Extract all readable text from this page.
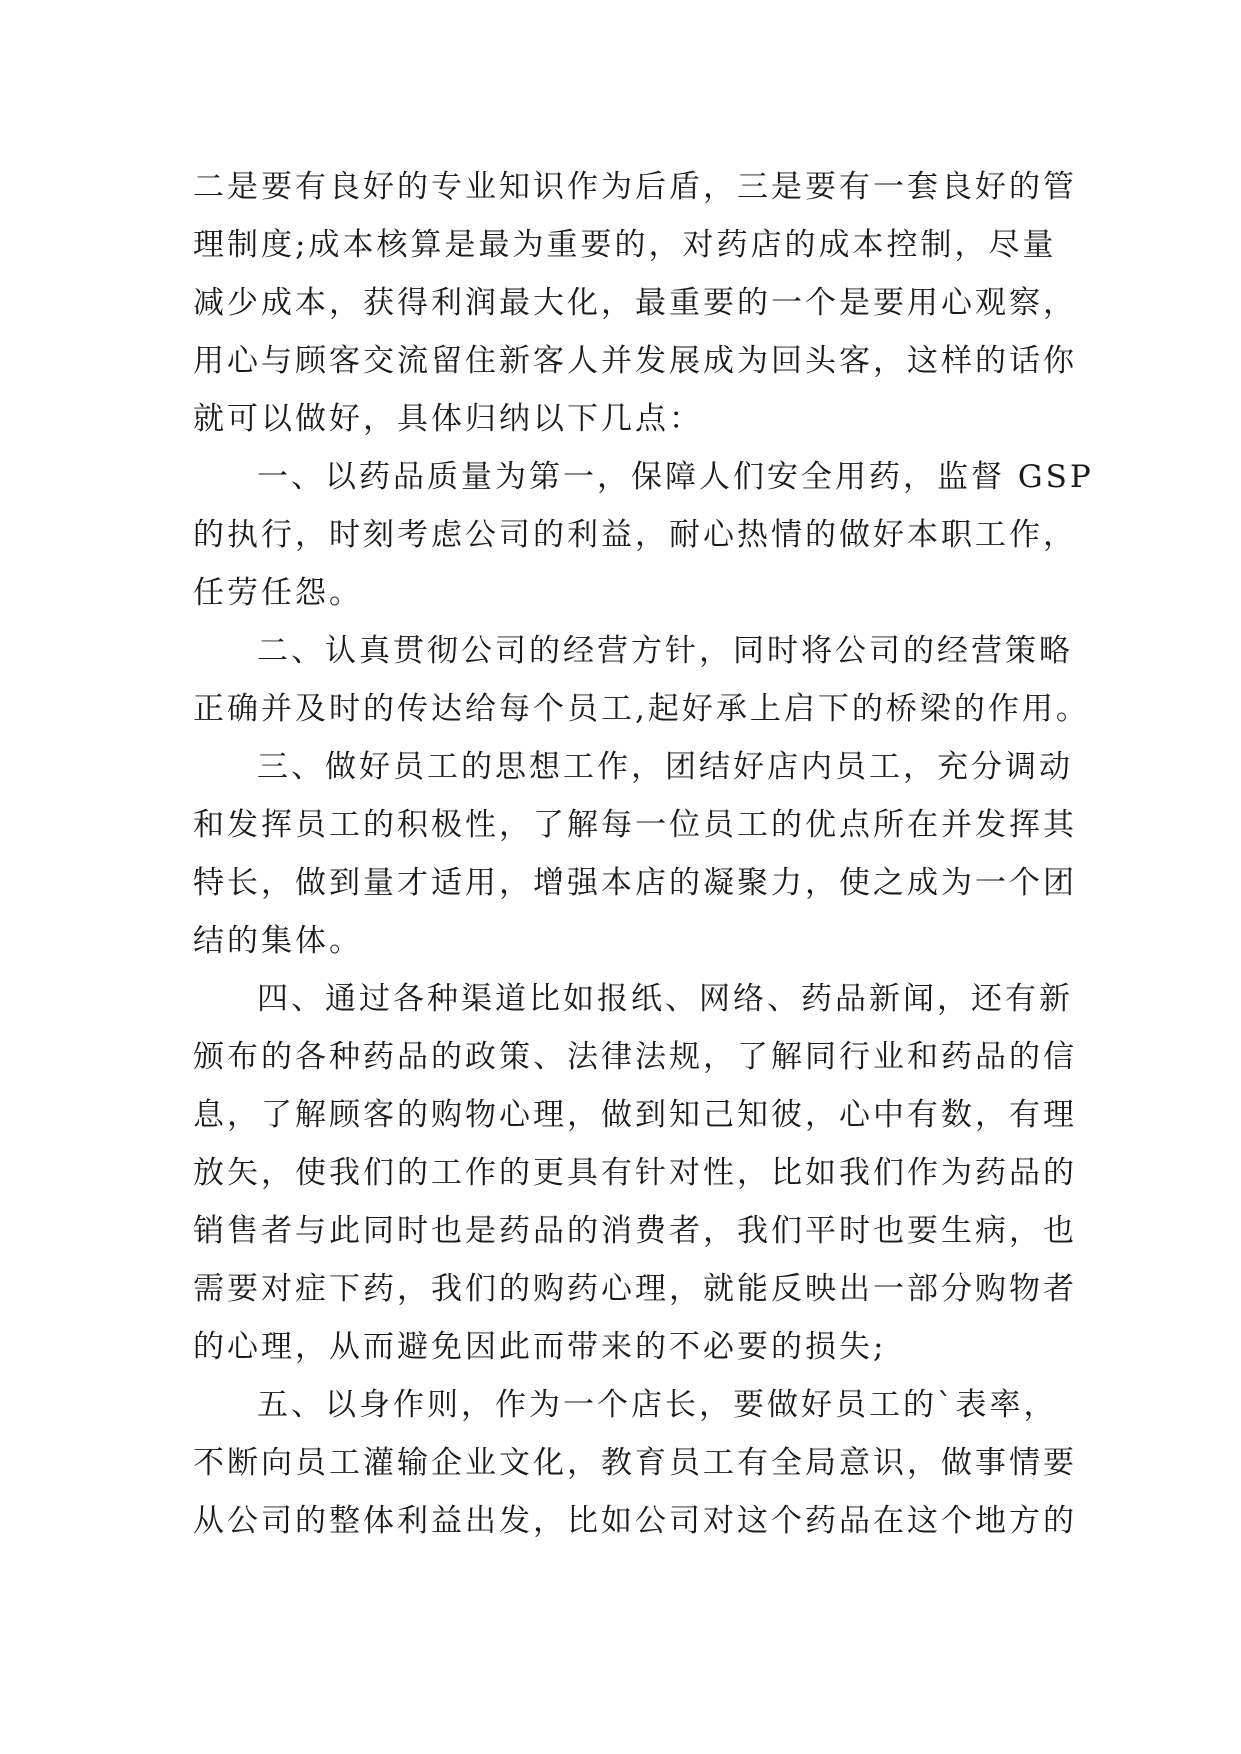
二是要有良好的专业知识作为后盾，三是要有一套良好的管
理制度;成本核算是最为重要的，对药店的成本控制，尽量
减少成本，获得利润最大化，最重要的一个是要用心观察，
用心与顾客交流留住新客人并发展成为回头客，这样的话你
就可以做好，具体归纳以下几点：
一、以药品质量为第一，保障人们安全用药，监督 GSP
的执行，时刻考虑公司的利益，耐心热情的做好本职工作，
任劳任怨。
二、认真贯彻公司的经营方针，同时将公司的经营策略
正确并及时的传达给每个员工,起好承上启下的桥梁的作用。
三、做好员工的思想工作，团结好店内员工，充分调动
和发挥员工的积极性，了解每一位员工的优点所在并发挥其
特长，做到量才适用，增强本店的凝聚力，使之成为一个团
结的集体。
四、通过各种渠道比如报纸、网络、药品新闻，还有新
颁布的各种药品的政策、法律法规，了解同行业和药品的信
息，了解顾客的购物心理，做到知己知彼，心中有数，有理
放矢，使我们的工作的更具有针对性，比如我们作为药品的
销售者与此同时也是药品的消费者，我们平时也要生病，也
需要对症下药，我们的购药心理，就能反映出一部分购物者
的心理，从而避免因此而带来的不必要的损失;
五、以身作则，作为一个店长，要做好员工的`表率，
不断向员工灌输企业文化，教育员工有全局意识，做事情要
从公司的整体利益出发，比如公司对这个药品在这个地方的
